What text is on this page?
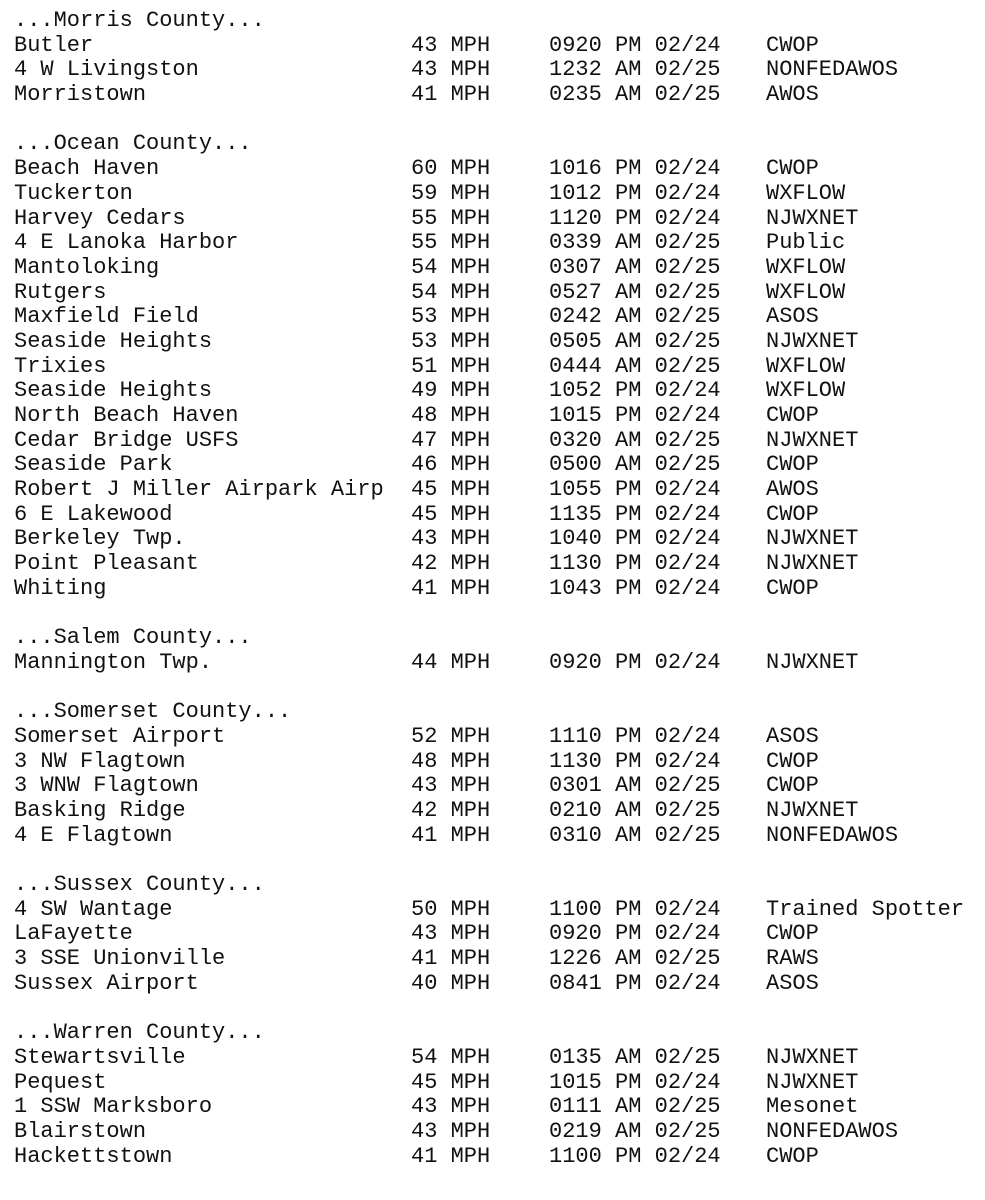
...Morris County...
Butler	43 MPH	0920 PM 02/24 CWOP
4 W Livingston	43 MPH	1232 AM 02/25 NONFEDAWOS
Morristown	41 MPH	0235 AM 02/25 AWOS
...Ocean County...
Beach Haven	60 MPH	1016 PM 02/24 CWOP
Tuckerton	59 MPH	1012 PM 02/24 WXFLOW
Harvey Cedars	55 MPH	1120 PM 02/24 NJWXNET
4 E Lanoka Harbor	55 MPH	0339 AM 02/25 Public
Mantoloking	54 MPH	0307 AM 02/25 WXFLOW
Rutgers	54 MPH	0527 AM 02/25 WXFLOW
Maxfield Field	53 MPH	0242 AM 02/25 ASOS
Seaside Heights	53 MPH	0505 AM 02/25 NJWXNET
Trixies	51 MPH	0444 AM 02/25 WXFLOW
Seaside Heights	49 MPH	1052 PM 02/24 WXFLOW
North Beach Haven	48 MPH	1015 PM 02/24 CWOP
Cedar Bridge USFS	47 MPH	0320 AM 02/25 NJWXNET
Seaside Park	46 MPH	0500 AM 02/25 CWOP
Robert J Miller Airpark Airp 45 MPH	1055 PM 02/24 AWOS
6 E Lakewood	45 MPH	1135 PM 02/24 CWOP
Berkeley Twp.	43 MPH	1040 PM 02/24 NJWXNET
Point Pleasant	42 MPH	1130 PM 02/24 NJWXNET
Whiting	41 MPH	1043 PM 02/24 CWOP
...Salem County...
Mannington Twp.	44 MPH	0920 PM 02/24 NJWXNET
...Somerset County...
Somerset Airport	52 MPH	1110 PM 02/24 ASOS
3 NW Flagtown	48 MPH	1130 PM 02/24 CWOP
3 WNW Flagtown	43 MPH	0301 AM 02/25 CWOP
Basking Ridge	42 MPH	0210 AM 02/25 NJWXNET
4 E Flagtown	41 MPH	0310 AM 02/25 NONFEDAWOS
...Sussex County...
4 SW Wantage	50 MPH	1100 PM 02/24 Trained Spotter
LaFayette	43 MPH	0920 PM 02/24 CWOP
3 SSE Unionville	41 MPH	1226 AM 02/25 RAWS
Sussex Airport	40 MPH	0841 PM 02/24 ASOS
...Warren County...
Stewartsville	54 MPH	0135 AM 02/25 NJWXNET
Pequest	45 MPH	1015 PM 02/24 NJWXNET
1 SSW Marksboro	43 MPH	0111 AM 02/25 Mesonet
Blairstown	43 MPH	0219 AM 02/25 NONFEDAWOS
Hackettstown	41 MPH	1100 PM 02/24 CWOP
